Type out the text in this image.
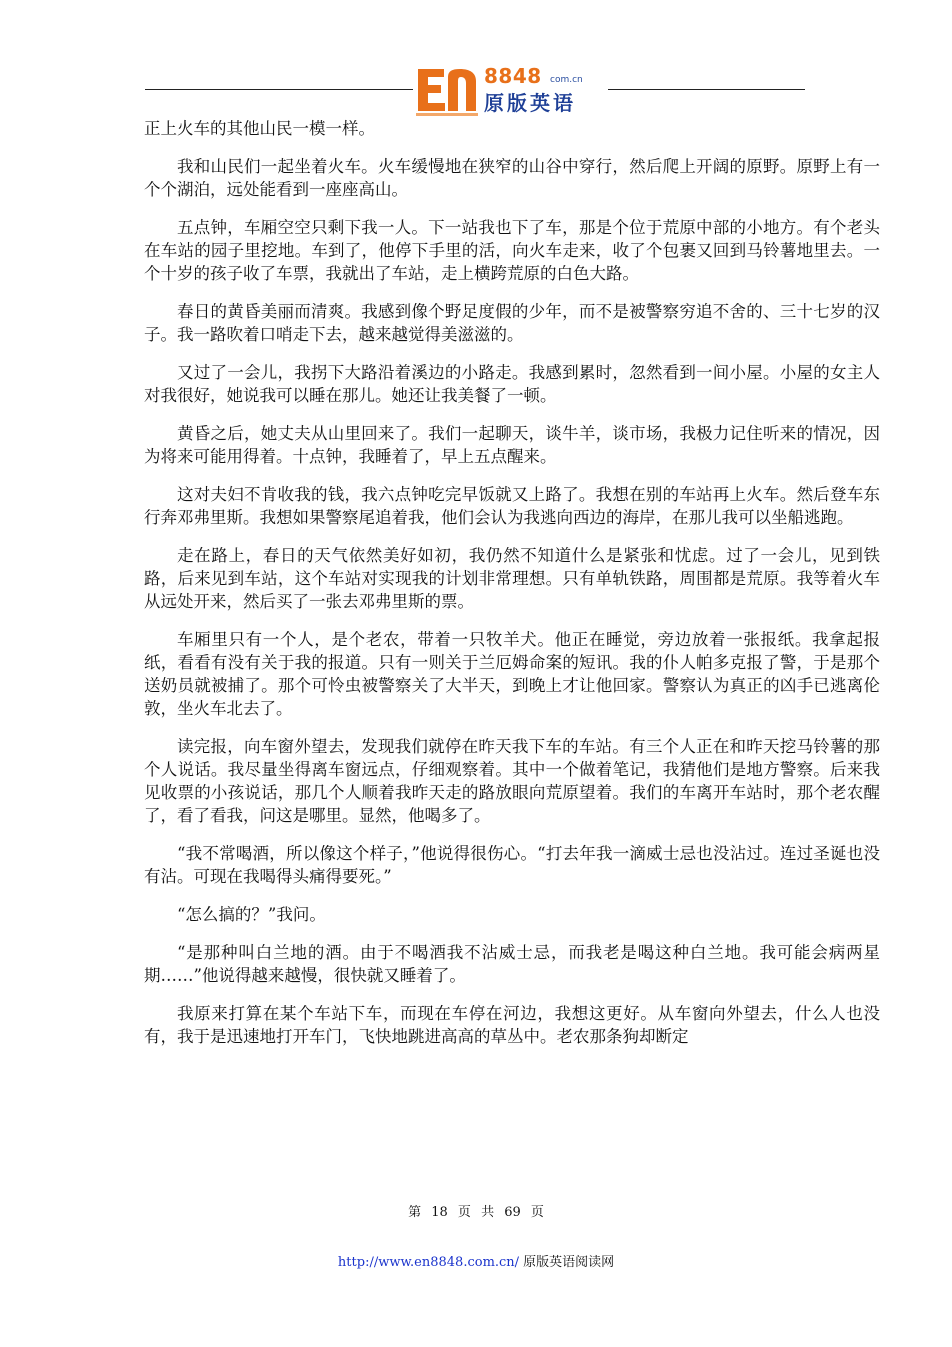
8848 com.cn
原版英语

正上火车的其他山民一模一样。

我和山民们一起坐着火车。火车缓慢地在狭窄的山谷中穿行，然后爬上开阔的原野。原野上有一个个湖泊，远处能看到一座座高山。

五点钟，车厢空空只剩下我一人。下一站我也下了车，那是个位于荒原中部的小地方。有个老头在车站的园子里挖地。车到了，他停下手里的活，向火车走来，收了个包裹又回到马铃薯地里去。一个十岁的孩子收了车票，我就出了车站，走上横跨荒原的白色大路。

春日的黄昏美丽而清爽。我感到像个野足度假的少年，而不是被警察穷追不舍的、三十七岁的汉子。我一路吹着口哨走下去，越来越觉得美滋滋的。

又过了一会儿，我拐下大路沿着溪边的小路走。我感到累时，忽然看到一间小屋。小屋的女主人对我很好，她说我可以睡在那儿。她还让我美餐了一顿。

黄昏之后，她丈夫从山里回来了。我们一起聊天，谈牛羊，谈市场，我极力记住听来的情况，因为将来可能用得着。十点钟，我睡着了，早上五点醒来。

这对夫妇不肯收我的钱，我六点钟吃完早饭就又上路了。我想在别的车站再上火车。然后登车东行奔邓弗里斯。我想如果警察尾追着我，他们会认为我逃向西边的海岸，在那儿我可以坐船逃跑。

走在路上，春日的天气依然美好如初，我仍然不知道什么是紧张和忧虑。过了一会儿，见到铁路，后来见到车站，这个车站对实现我的计划非常理想。只有单轨铁路，周围都是荒原。我等着火车从远处开来，然后买了一张去邓弗里斯的票。

车厢里只有一个人，是个老农，带着一只牧羊犬。他正在睡觉，旁边放着一张报纸。我拿起报纸，看看有没有关于我的报道。只有一则关于兰厄姆命案的短讯。我的仆人帕多克报了警，于是那个送奶员就被捕了。那个可怜虫被警察关了大半天，到晚上才让他回家。警察认为真正的凶手已逃离伦敦，坐火车北去了。

读完报，向车窗外望去，发现我们就停在昨天我下车的车站。有三个人正在和昨天挖马铃薯的那个人说话。我尽量坐得离车窗远点，仔细观察着。其中一个做着笔记，我猜他们是地方警察。后来我见收票的小孩说话，那几个人顺着我昨天走的路放眼向荒原望着。我们的车离开车站时，那个老农醒了，看了看我，问这是哪里。显然，他喝多了。

“我不常喝酒，所以像这个样子，”他说得很伤心。“打去年我一滴威士忌也没沾过。连过圣诞也没有沾。可现在我喝得头痛得要死。”

“怎么搞的？”我问。

“是那种叫白兰地的酒。由于不喝酒我不沾威士忌，而我老是喝这种白兰地。我可能会病两星期……”他说得越来越慢，很快就又睡着了。

我原来打算在某个车站下车，而现在车停在河边，我想这更好。从车窗向外望去，什么人也没有，我于是迅速地打开车门，飞快地跳进高高的草丛中。老农那条狗却断定

第 18 页 共 69 页
http://www.en8848.com.cn/ 原版英语阅读网
